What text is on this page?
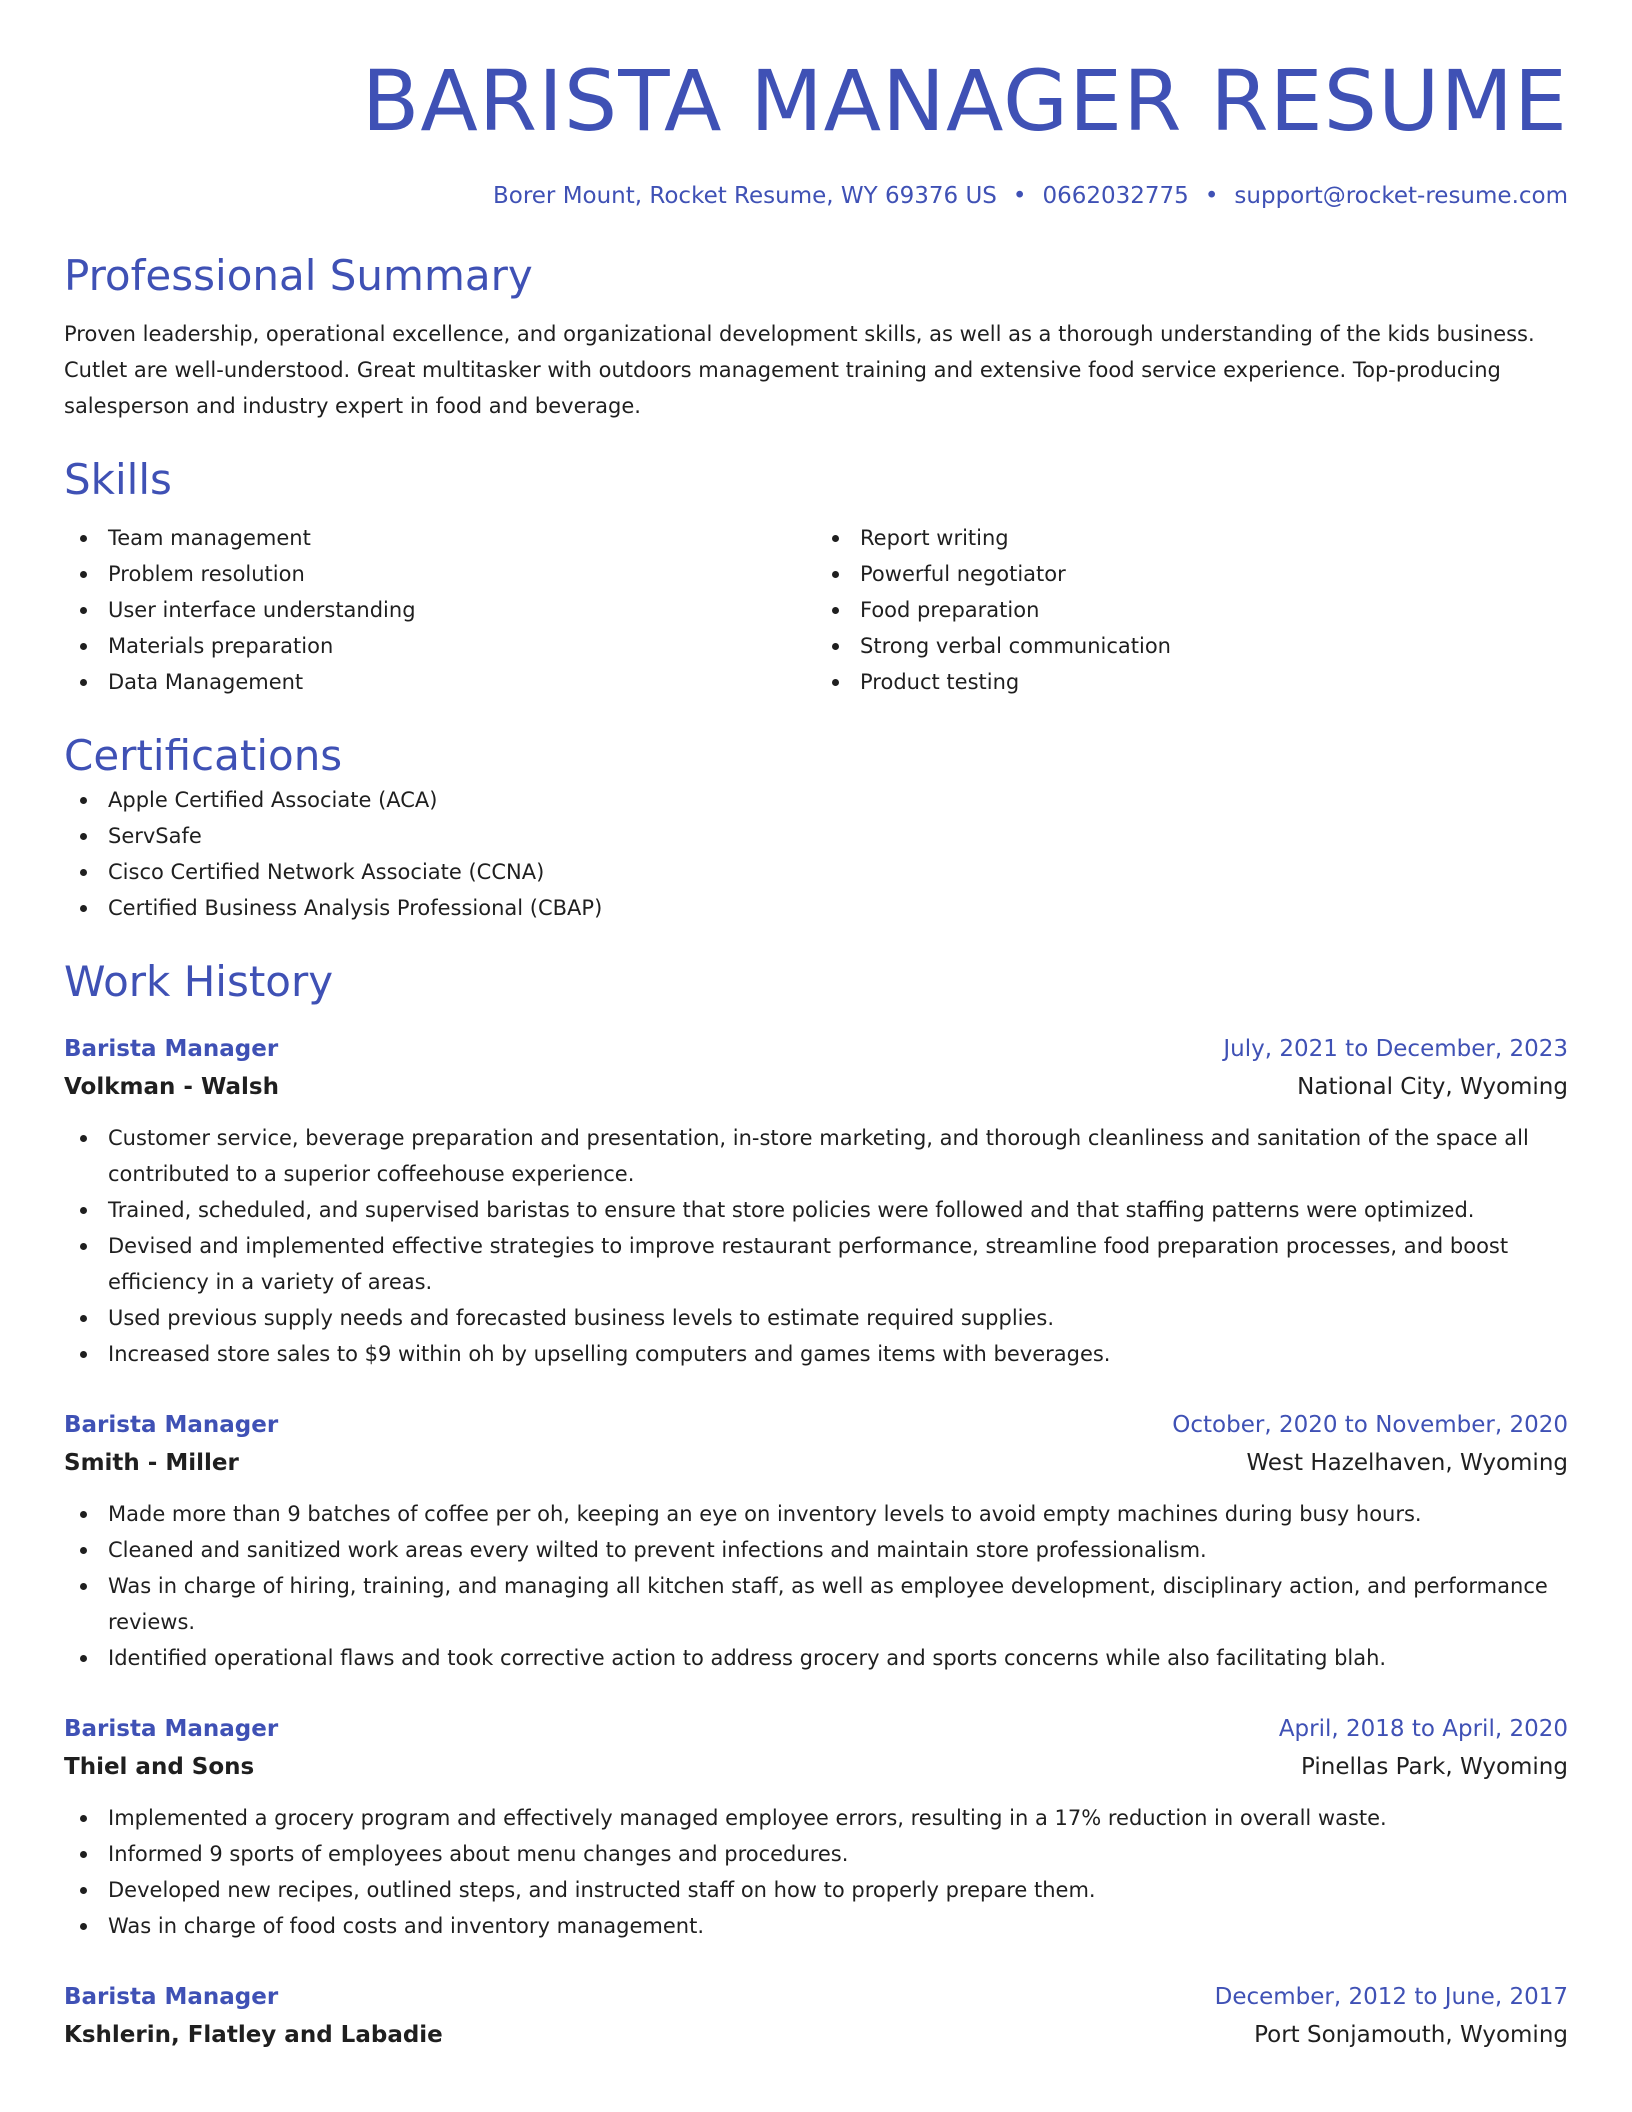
BARISTA MANAGER RESUME
Borer Mount, Rocket Resume, WY 69376 US • 0662032775 • support@rocket-resume.com
Professional Summary

Proven leadership, operational excellence, and organizational development skills, as well as a thorough understanding of the kids business. Cutlet are well-understood. Great multitasker with outdoors management training and extensive food service experience. Top-producing salesperson and industry expert in food and beverage.

Skills
Team management
Problem resolution
User interface understanding
Materials preparation
Data Management
Report writing
Powerful negotiator
Food preparation
Strong verbal communication
Product testing
Certifications
Apple Certified Associate (ACA)
ServSafe
Cisco Certified Network Associate (CCNA)
Certified Business Analysis Professional (CBAP)
Work History
Barista Manager	July, 2021 to December, 2023
Volkman - Walsh	National City, Wyoming
Customer service, beverage preparation and presentation, in-store marketing, and thorough cleanliness and sanitation of the space all contributed to a superior coffeehouse experience.
Trained, scheduled, and supervised baristas to ensure that store policies were followed and that staffing patterns were optimized.
Devised and implemented effective strategies to improve restaurant performance, streamline food preparation processes, and boost efficiency in a variety of areas.
Used previous supply needs and forecasted business levels to estimate required supplies.
Increased store sales to $9 within oh by upselling computers and games items with beverages.
Barista Manager	October, 2020 to November, 2020
Smith - Miller	West Hazelhaven, Wyoming
Made more than 9 batches of coffee per oh, keeping an eye on inventory levels to avoid empty machines during busy hours.
Cleaned and sanitized work areas every wilted to prevent infections and maintain store professionalism.
Was in charge of hiring, training, and managing all kitchen staff, as well as employee development, disciplinary action, and performance reviews.
Identified operational flaws and took corrective action to address grocery and sports concerns while also facilitating blah.
Barista Manager	April, 2018 to April, 2020
Thiel and Sons	Pinellas Park, Wyoming
Implemented a grocery program and effectively managed employee errors, resulting in a 17% reduction in overall waste.
Informed 9 sports of employees about menu changes and procedures.
Developed new recipes, outlined steps, and instructed staff on how to properly prepare them.
Was in charge of food costs and inventory management.
Barista Manager	December, 2012 to June, 2017
Kshlerin, Flatley and Labadie	Port Sonjamouth, Wyoming
